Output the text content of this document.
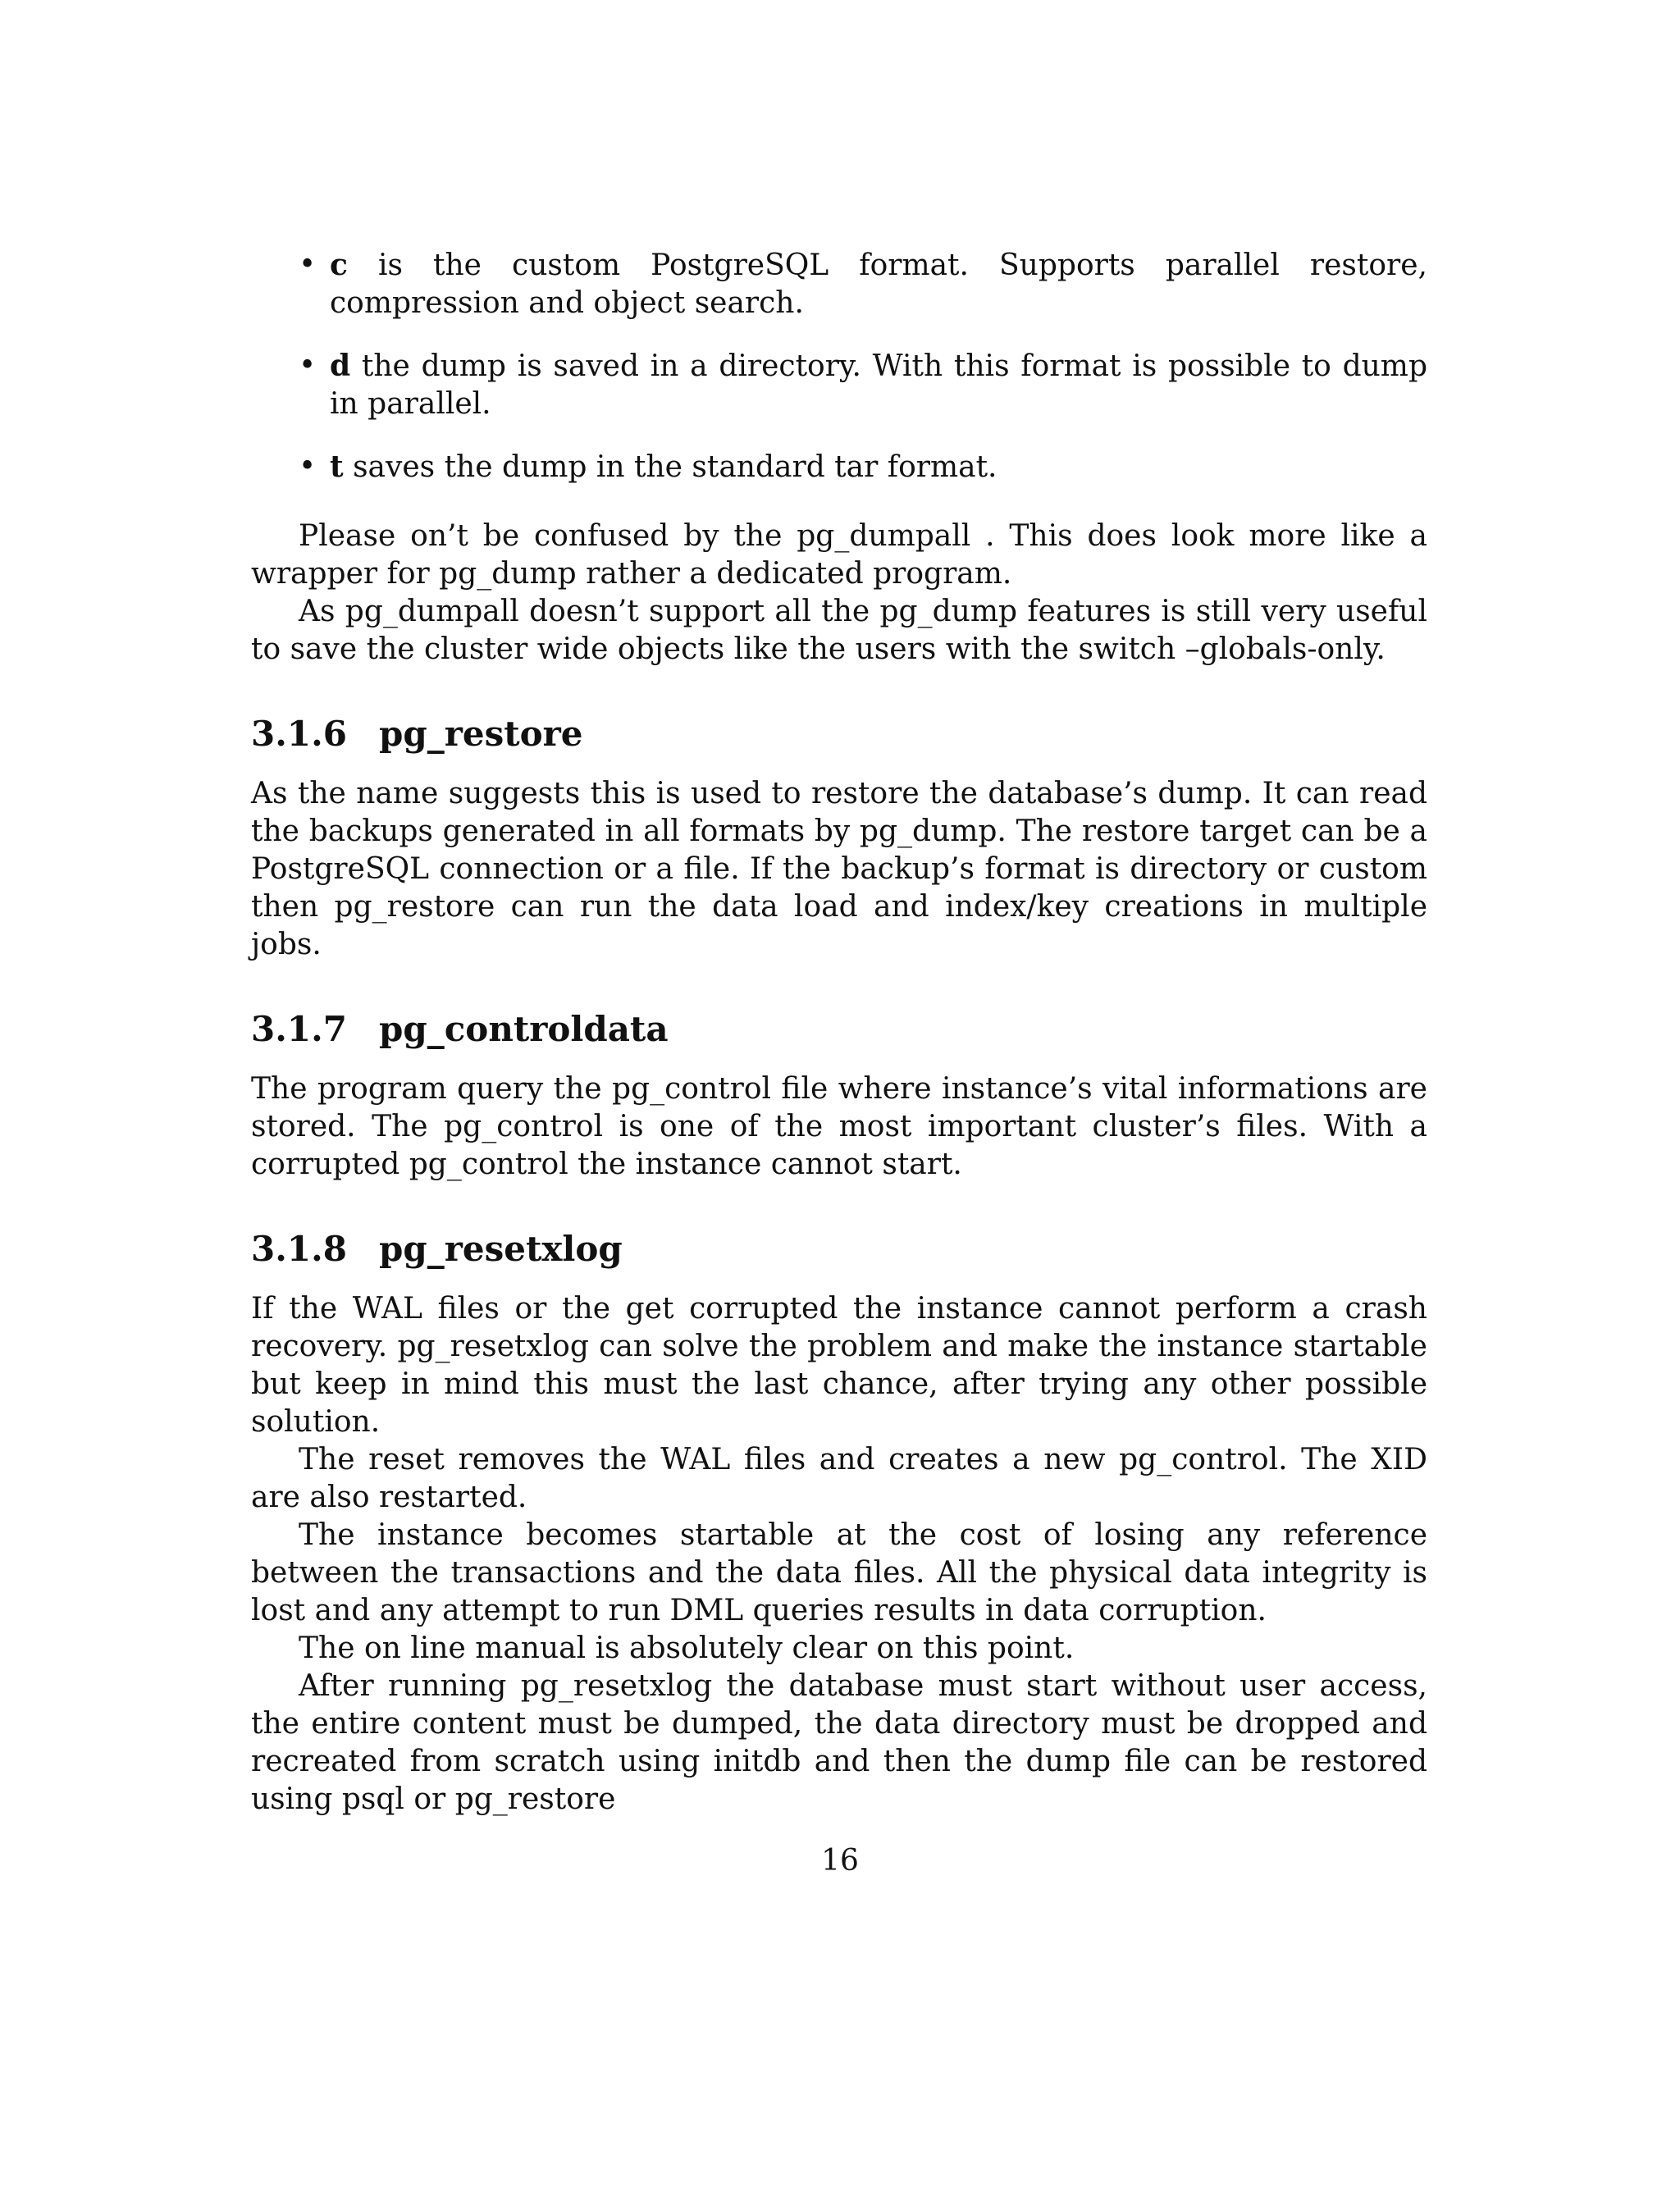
• c is the custom PostgreSQL format. Supports parallel restore, compression and object search.
• d the dump is saved in a directory. With this format is possible to dump in parallel.
• t saves the dump in the standard tar format.

Please on’t be confused by the pg_dumpall . This does look more like a wrapper for pg_dump rather a dedicated program.

As pg_dumpall doesn’t support all the pg_dump features is still very useful to save the cluster wide objects like the users with the switch –globals-only.

3.1.6 pg_restore

As the name suggests this is used to restore the database’s dump. It can read the backups generated in all formats by pg_dump. The restore target can be a PostgreSQL connection or a file. If the backup’s format is directory or custom then pg_restore can run the data load and index/key creations in multiple jobs.

3.1.7 pg_controldata

The program query the pg_control file where instance’s vital informations are stored. The pg_control is one of the most important cluster’s files. With a corrupted pg_control the instance cannot start.

3.1.8 pg_resetxlog

If the WAL files or the get corrupted the instance cannot perform a crash recovery. pg_resetxlog can solve the problem and make the instance startable but keep in mind this must the last chance, after trying any other possible solution.

The reset removes the WAL files and creates a new pg_control. The XID are also restarted.

The instance becomes startable at the cost of losing any reference between the transactions and the data files. All the physical data integrity is lost and any attempt to run DML queries results in data corruption.

The on line manual is absolutely clear on this point.

After running pg_resetxlog the database must start without user access, the entire content must be dumped, the data directory must be dropped and recreated from scratch using initdb and then the dump file can be restored using psql or pg_restore

16
